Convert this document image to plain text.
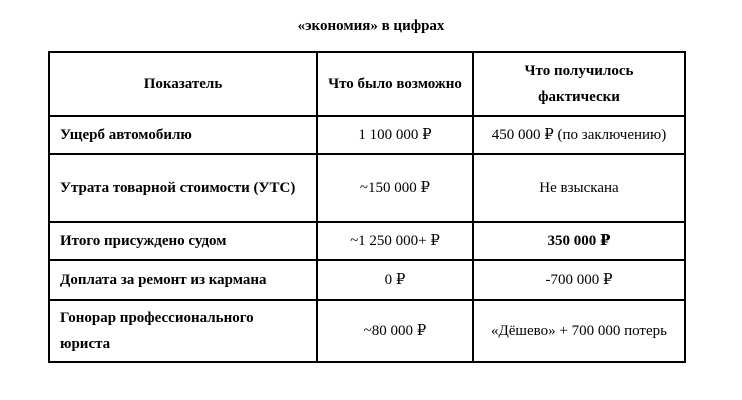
«экономия» в цифрах
Показатель	Что было возможно	Что получилось фактически
Ущерб автомобилю	1 100 000 ₽	450 000 ₽ (по заключению)
Утрата товарной стоимости (УТС)	~150 000 ₽	Не взыскана
Итого присуждено судом	~1 250 000+ ₽	350 000 ₽
Доплата за ремонт из кармана	0 ₽	-700 000 ₽
Гонорар профессионального юриста	~80 000 ₽	«Дёшево» + 700 000 потерь
